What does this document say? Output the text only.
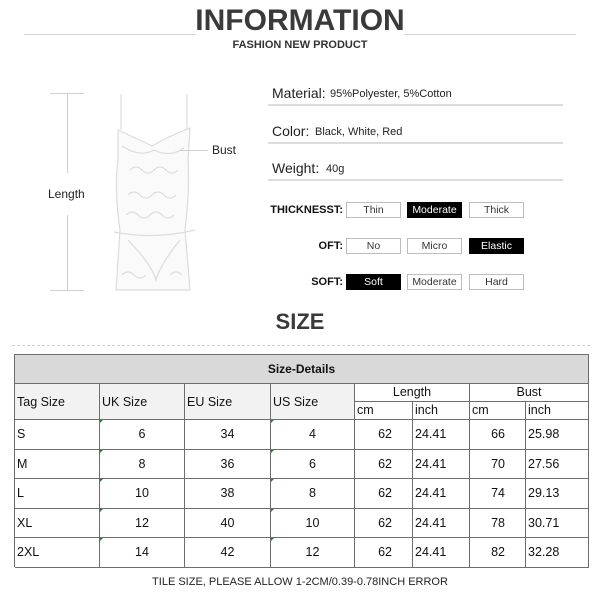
INFORMATION
FASHION NEW PRODUCT
Length
Bust
Material: 95%Polyester, 5%Cotton
Color: Black, White, Red
Weight: 40g
THICKNESST:	Thin	Moderate	Thick
OFT:	No	Micro	Elastic
SOFT:	Soft	Moderate	Hard
SIZE
Size-Details
Tag Size	UK Size	EU Size	US Size
Length	Bust
cm	inch	cm	inch
S	6	34	4	62	24.41	66	25.98
M	8	36	6	62	24.41	70	27.56
L	10	38	8	62	24.41	74	29.13
XL	12	40	10	62	24.41	78	30.71
2XL	14	42	12	62	24.41	82	32.28
TILE SIZE, PLEASE ALLOW 1-2CM/0.39-0.78INCH ERROR
